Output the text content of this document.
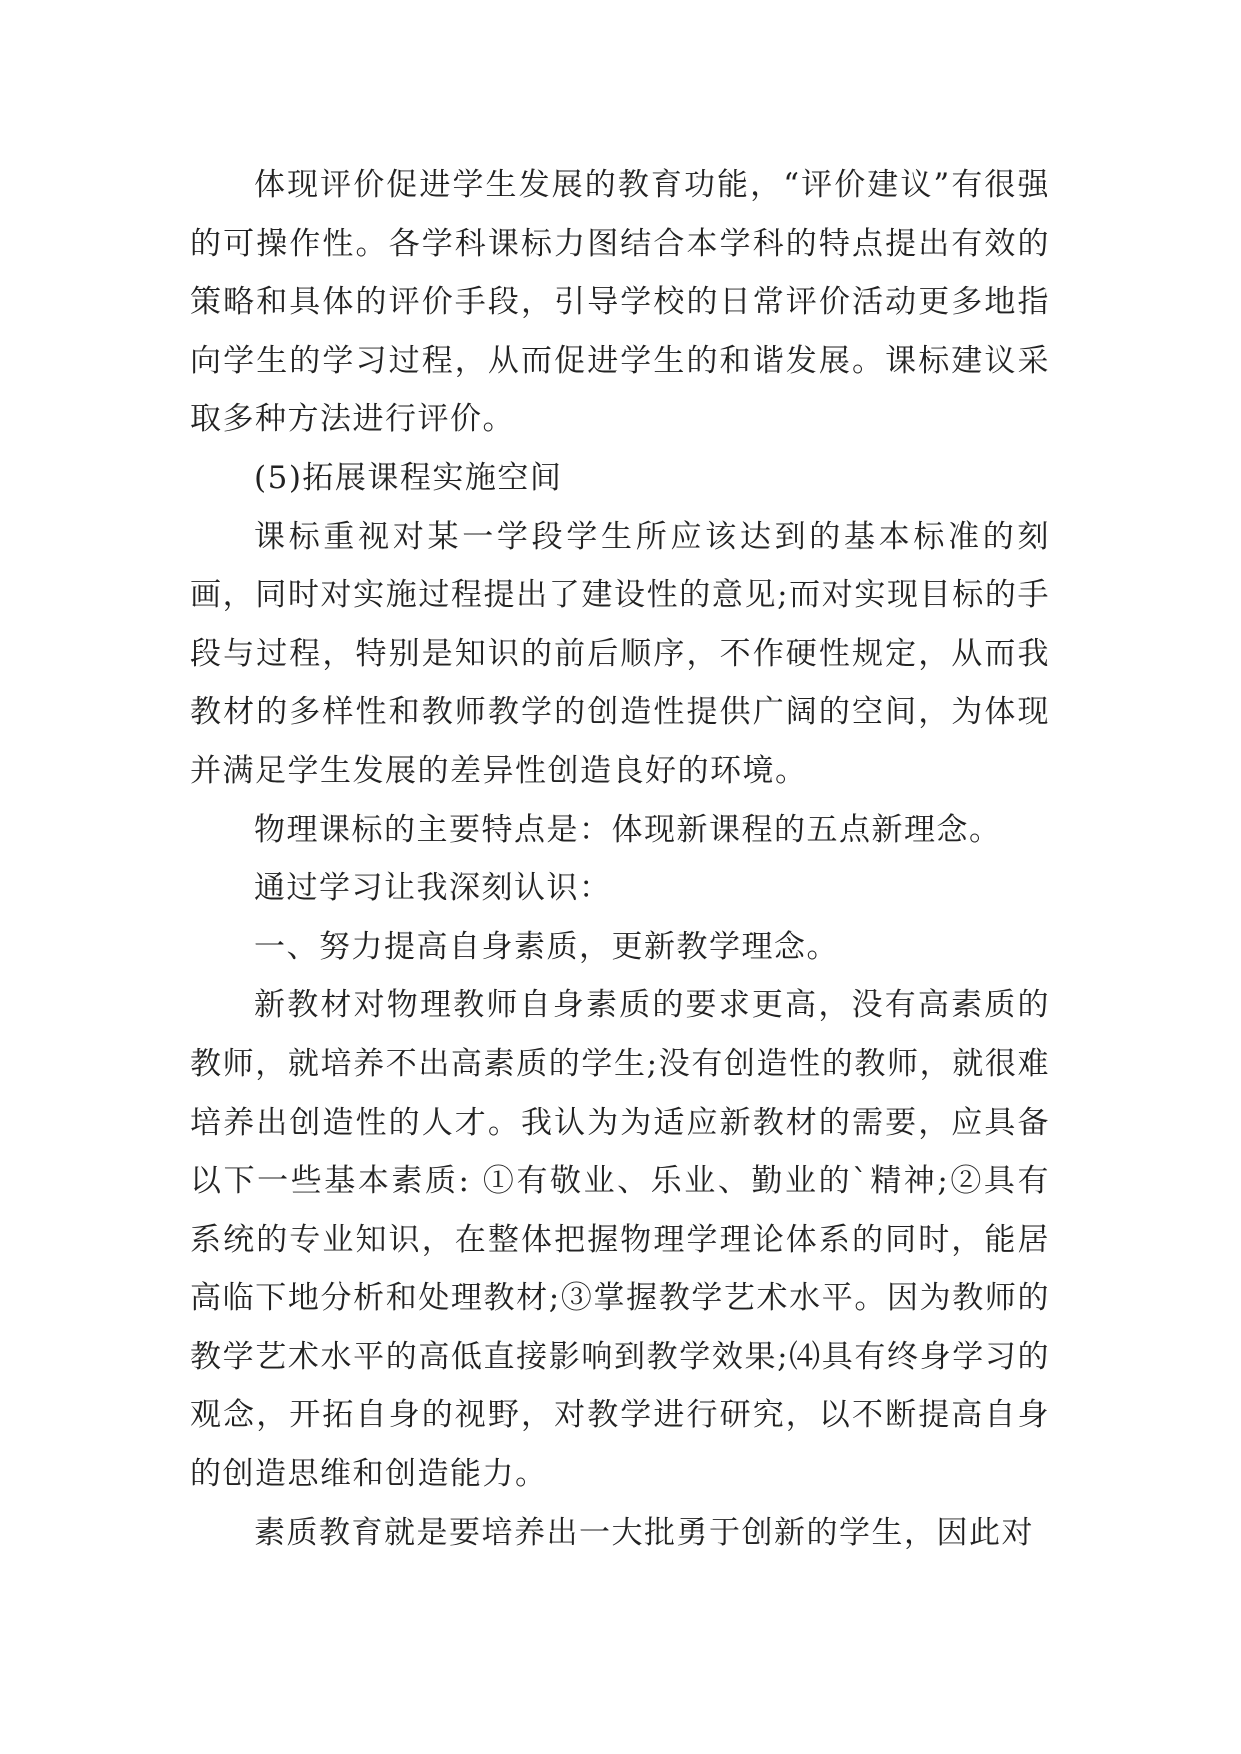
体现评价促进学生发展的教育功能，“评价建议”有很强的可操作性。各学科课标力图结合本学科的特点提出有效的策略和具体的评价手段，引导学校的日常评价活动更多地指向学生的学习过程，从而促进学生的和谐发展。课标建议采取多种方法进行评价。

(5)拓展课程实施空间

课标重视对某一学段学生所应该达到的基本标准的刻画，同时对实施过程提出了建设性的意见;而对实现目标的手段与过程，特别是知识的前后顺序，不作硬性规定，从而我教材的多样性和教师教学的创造性提供广阔的空间，为体现并满足学生发展的差异性创造良好的环境。

物理课标的主要特点是：体现新课程的五点新理念。

通过学习让我深刻认识：

一、努力提高自身素质，更新教学理念。

新教材对物理教师自身素质的要求更高，没有高素质的教师，就培养不出高素质的学生;没有创造性的教师，就很难培养出创造性的人才。我认为为适应新教材的需要，应具备以下一些基本素质: ①有敬业、乐业、勤业的`精神;②具有系统的专业知识，在整体把握物理学理论体系的同时，能居高临下地分析和处理教材;③掌握教学艺术水平。因为教师的教学艺术水平的高低直接影响到教学效果;⑷具有终身学习的观念，开拓自身的视野，对教学进行研究，以不断提高自身的创造思维和创造能力。

素质教育就是要培养出一大批勇于创新的学生，因此对
